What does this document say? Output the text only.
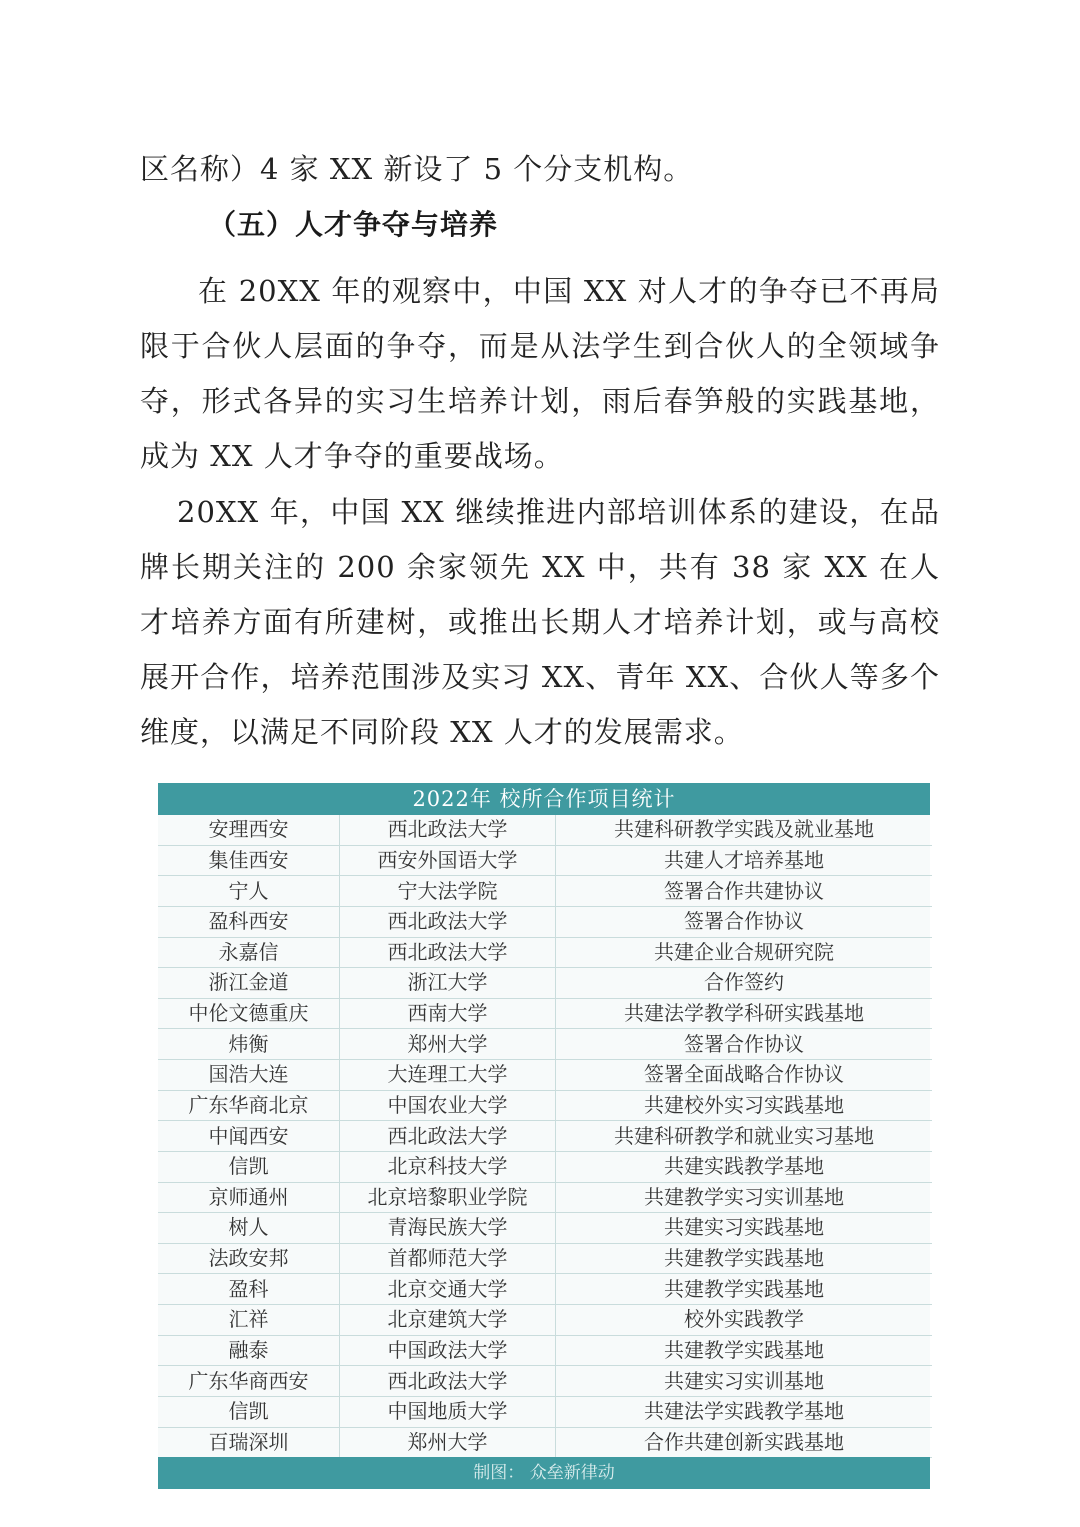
区名称）4 家 XX 新设了 5 个分支机构。

（五）人才争夺与培养

在 20XX 年的观察中，中国 XX 对人才的争夺已不再局限于合伙人层面的争夺，而是从法学生到合伙人的全领域争夺，形式各异的实习生培养计划，雨后春笋般的实践基地，成为 XX 人才争夺的重要战场。

20XX 年，中国 XX 继续推进内部培训体系的建设，在品牌长期关注的 200 余家领先 XX 中，共有 38 家 XX 在人才培养方面有所建树，或推出长期人才培养计划，或与高校展开合作，培养范围涉及实习 XX、青年 XX、合伙人等多个维度，以满足不同阶段 XX 人才的发展需求。

2022年 校所合作项目统计
安理西安	西北政法大学	共建科研教学实践及就业基地
集佳西安	西安外国语大学	共建人才培养基地
宁人	宁大法学院	签署合作共建协议
盈科西安	西北政法大学	签署合作协议
永嘉信	西北政法大学	共建企业合规研究院
浙江金道	浙江大学	合作签约
中伦文德重庆	西南大学	共建法学教学科研实践基地
炜衡	郑州大学	签署合作协议
国浩大连	大连理工大学	签署全面战略合作协议
广东华商北京	中国农业大学	共建校外实习实践基地
中闻西安	西北政法大学	共建科研教学和就业实习基地
信凯	北京科技大学	共建实践教学基地
京师通州	北京培黎职业学院	共建教学实习实训基地
树人	青海民族大学	共建实习实践基地
法政安邦	首都师范大学	共建教学实践基地
盈科	北京交通大学	共建教学实践基地
汇祥	北京建筑大学	校外实践教学
融泰	中国政法大学	共建教学实践基地
广东华商西安	西北政法大学	共建实习实训基地
信凯	中国地质大学	共建法学实践教学基地
百瑞深圳	郑州大学	合作共建创新实践基地
制图： 众垒新律动
